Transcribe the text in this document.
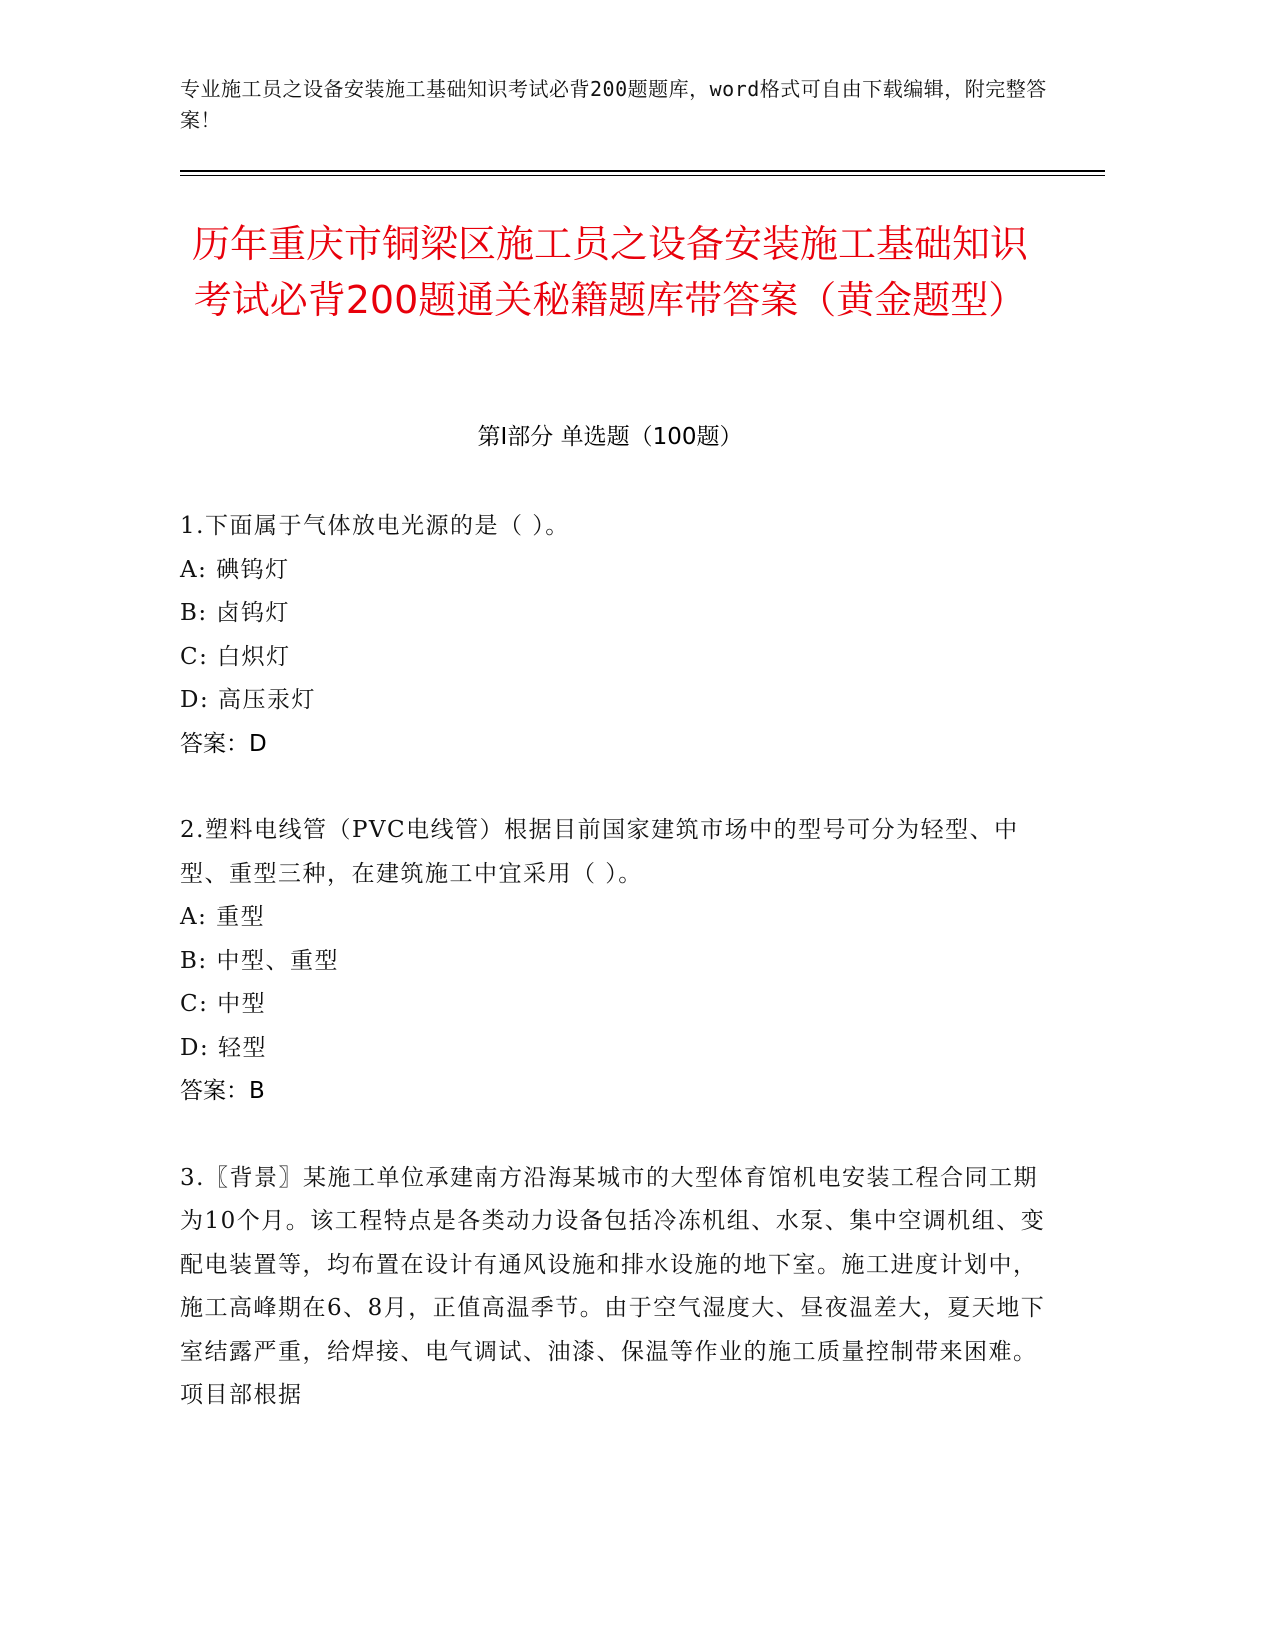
专业施工员之设备安装施工基础知识考试必背200题题库，word格式可自由下载编辑，附完整答案！
历年重庆市铜梁区施工员之设备安装施工基础知识考试必背200题通关秘籍题库带答案（黄金题型）
第Ⅰ部分 单选题（100题）

1.下面属于气体放电光源的是（ ）。

A: 碘钨灯

B: 卤钨灯

C: 白炽灯

D: 高压汞灯

答案：D

2.塑料电线管（PVC电线管）根据目前国家建筑市场中的型号可分为轻型、中型、重型三种，在建筑施工中宜采用（ ）。

A: 重型

B: 中型、重型

C: 中型

D: 轻型

答案：B

3.〖背景〗某施工单位承建南方沿海某城市的大型体育馆机电安装工程合同工期为10个月。该工程特点是各类动力设备包括冷冻机组、水泵、集中空调机组、变配电装置等，均布置在设计有通风设施和排水设施的地下室。施工进度计划中，施工高峰期在6、8月，正值高温季节。由于空气湿度大、昼夜温差大，夏天地下室结露严重，给焊接、电气调试、油漆、保温等作业的施工质量控制带来困难。项目部根据
